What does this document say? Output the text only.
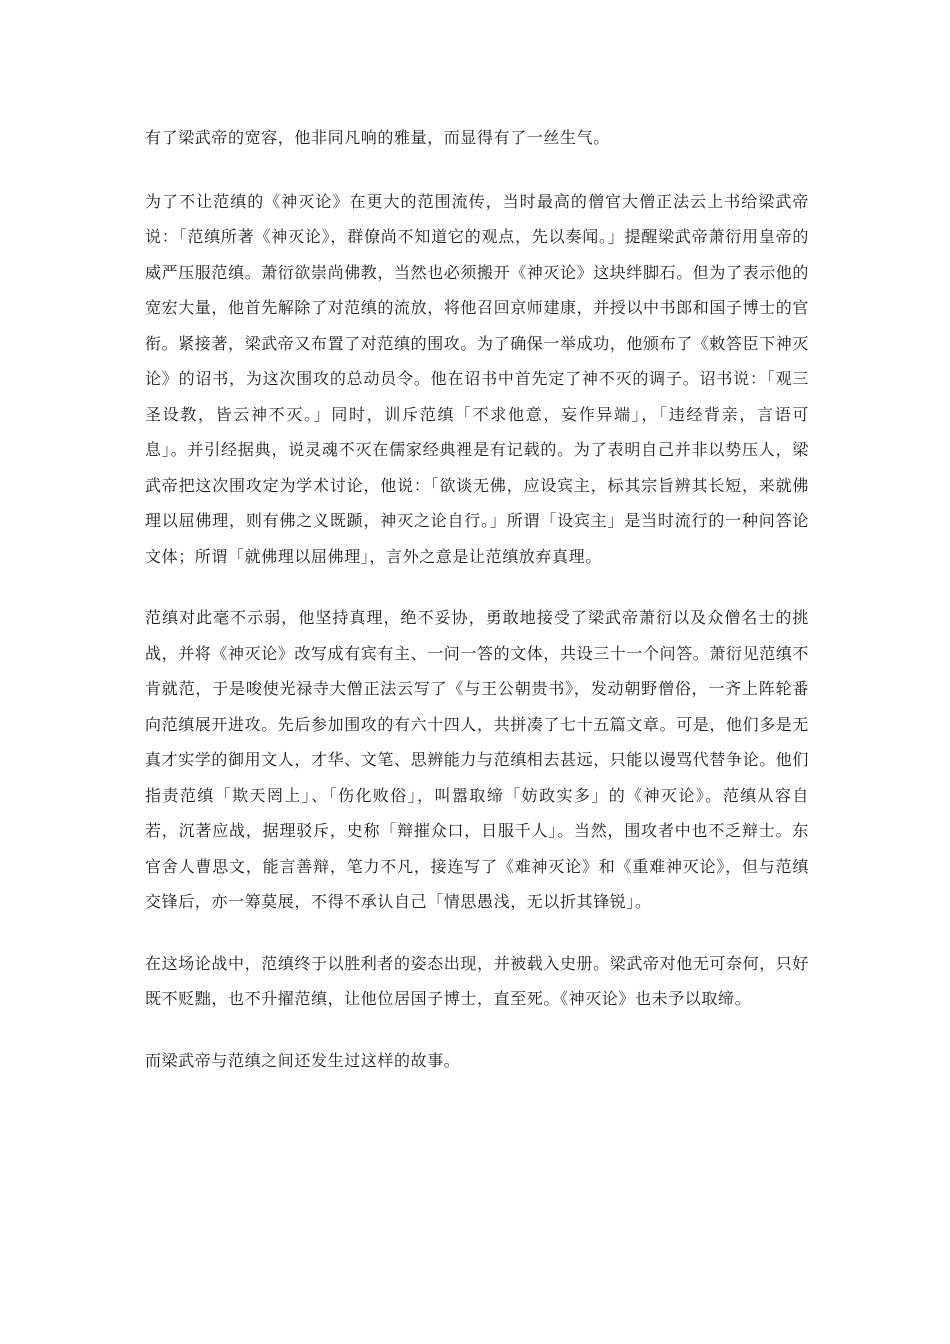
有了梁武帝的宽容，他非同凡响的雅量，而显得有了一丝生气。

为了不让范缜的《神灭论》在更大的范围流传，当时最高的僧官大僧正法云上书给梁武帝说：「范缜所著《神灭论》，群僚尚不知道它的观点，先以奏闻。」提醒梁武帝萧衍用皇帝的威严压服范缜。萧衍欲崇尚佛教，当然也必须搬开《神灭论》这块绊脚石。但为了表示他的宽宏大量，他首先解除了对范缜的流放，将他召回京师建康，并授以中书郎和国子博士的官衔。紧接著，梁武帝又布置了对范缜的围攻。为了确保一举成功，他颁布了《敕答臣下神灭论》的诏书，为这次围攻的总动员令。他在诏书中首先定了神不灭的调子。诏书说：「观三圣设教，皆云神不灭。」同时，训斥范缜「不求他意，妄作异端」，「违经背亲，言语可息」。并引经据典，说灵魂不灭在儒家经典裡是有记载的。为了表明自己并非以势压人，梁武帝把这次围攻定为学术讨论，他说：「欲谈无佛，应设宾主，标其宗旨辨其长短，来就佛理以屈佛理，则有佛之义既踬，神灭之论自行。」所谓「设宾主」是当时流行的一种问答论文体；所谓「就佛理以屈佛理」，言外之意是让范缜放弃真理。

范缜对此毫不示弱，他坚持真理，绝不妥协，勇敢地接受了梁武帝萧衍以及众僧名士的挑战，并将《神灭论》改写成有宾有主、一问一答的文体，共设三十一个问答。萧衍见范缜不肯就范，于是唆使光禄寺大僧正法云写了《与王公朝贵书》，发动朝野僧俗，一齐上阵轮番向范缜展开进攻。先后参加围攻的有六十四人，共拼凑了七十五篇文章。可是，他们多是无真才实学的御用文人，才华、文笔、思辨能力与范缜相去甚远，只能以谩骂代替争论。他们指责范缜「欺天罔上」、「伤化败俗」，叫嚣取缔「妨政实多」的《神灭论》。范缜从容自若，沉著应战，据理驳斥，史称「辩摧众口，日服千人」。当然，围攻者中也不乏辩士。东官舍人曹思文，能言善辩，笔力不凡，接连写了《难神灭论》和《重难神灭论》，但与范缜交锋后，亦一筹莫展，不得不承认自己「情思愚浅，无以折其锋锐」。

在这场论战中，范缜终于以胜利者的姿态出现，并被载入史册。梁武帝对他无可奈何，只好既不贬黜，也不升擢范缜，让他位居国子博士，直至死。《神灭论》也未予以取缔。

而梁武帝与范缜之间还发生过这样的故事。
